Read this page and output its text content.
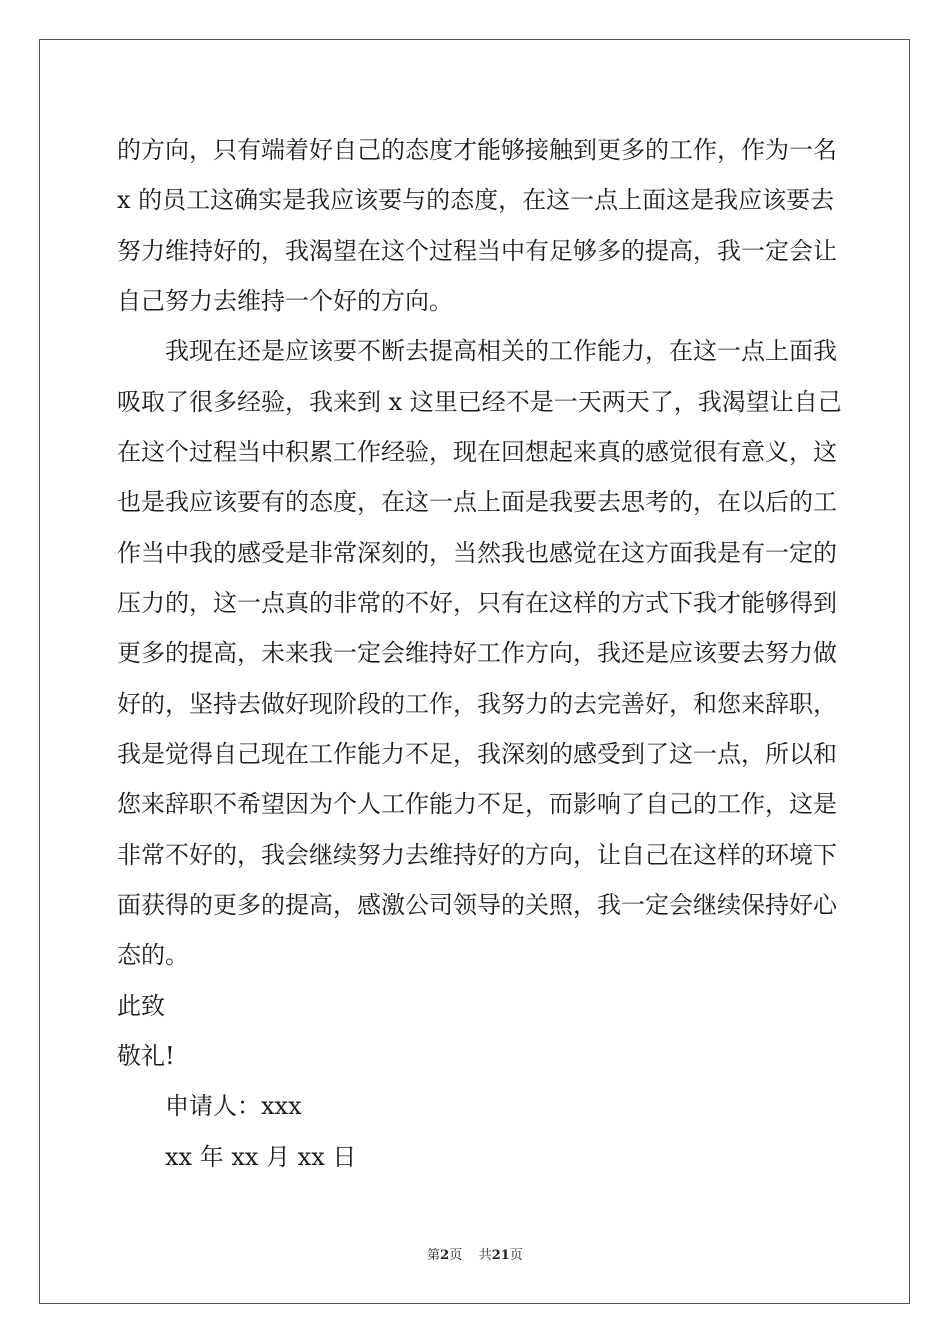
的方向，只有端着好自己的态度才能够接触到更多的工作，作为一名
x 的员工这确实是我应该要与的态度，在这一点上面这是我应该要去
努力维持好的，我渴望在这个过程当中有足够多的提高，我一定会让
自己努力去维持一个好的方向。
我现在还是应该要不断去提高相关的工作能力，在这一点上面我
吸取了很多经验，我来到 x 这里已经不是一天两天了，我渴望让自己
在这个过程当中积累工作经验，现在回想起来真的感觉很有意义，这
也是我应该要有的态度，在这一点上面是我要去思考的，在以后的工
作当中我的感受是非常深刻的，当然我也感觉在这方面我是有一定的
压力的，这一点真的非常的不好，只有在这样的方式下我才能够得到
更多的提高，未来我一定会维持好工作方向，我还是应该要去努力做
好的，坚持去做好现阶段的工作，我努力的去完善好，和您来辞职，
我是觉得自己现在工作能力不足，我深刻的感受到了这一点，所以和
您来辞职不希望因为个人工作能力不足，而影响了自己的工作，这是
非常不好的，我会继续努力去维持好的方向，让自己在这样的环境下
面获得的更多的提高，感激公司领导的关照，我一定会继续保持好心
态的。
此致
敬礼!
申请人：xxx
xx 年 xx 月 xx 日
第2页 共21页
